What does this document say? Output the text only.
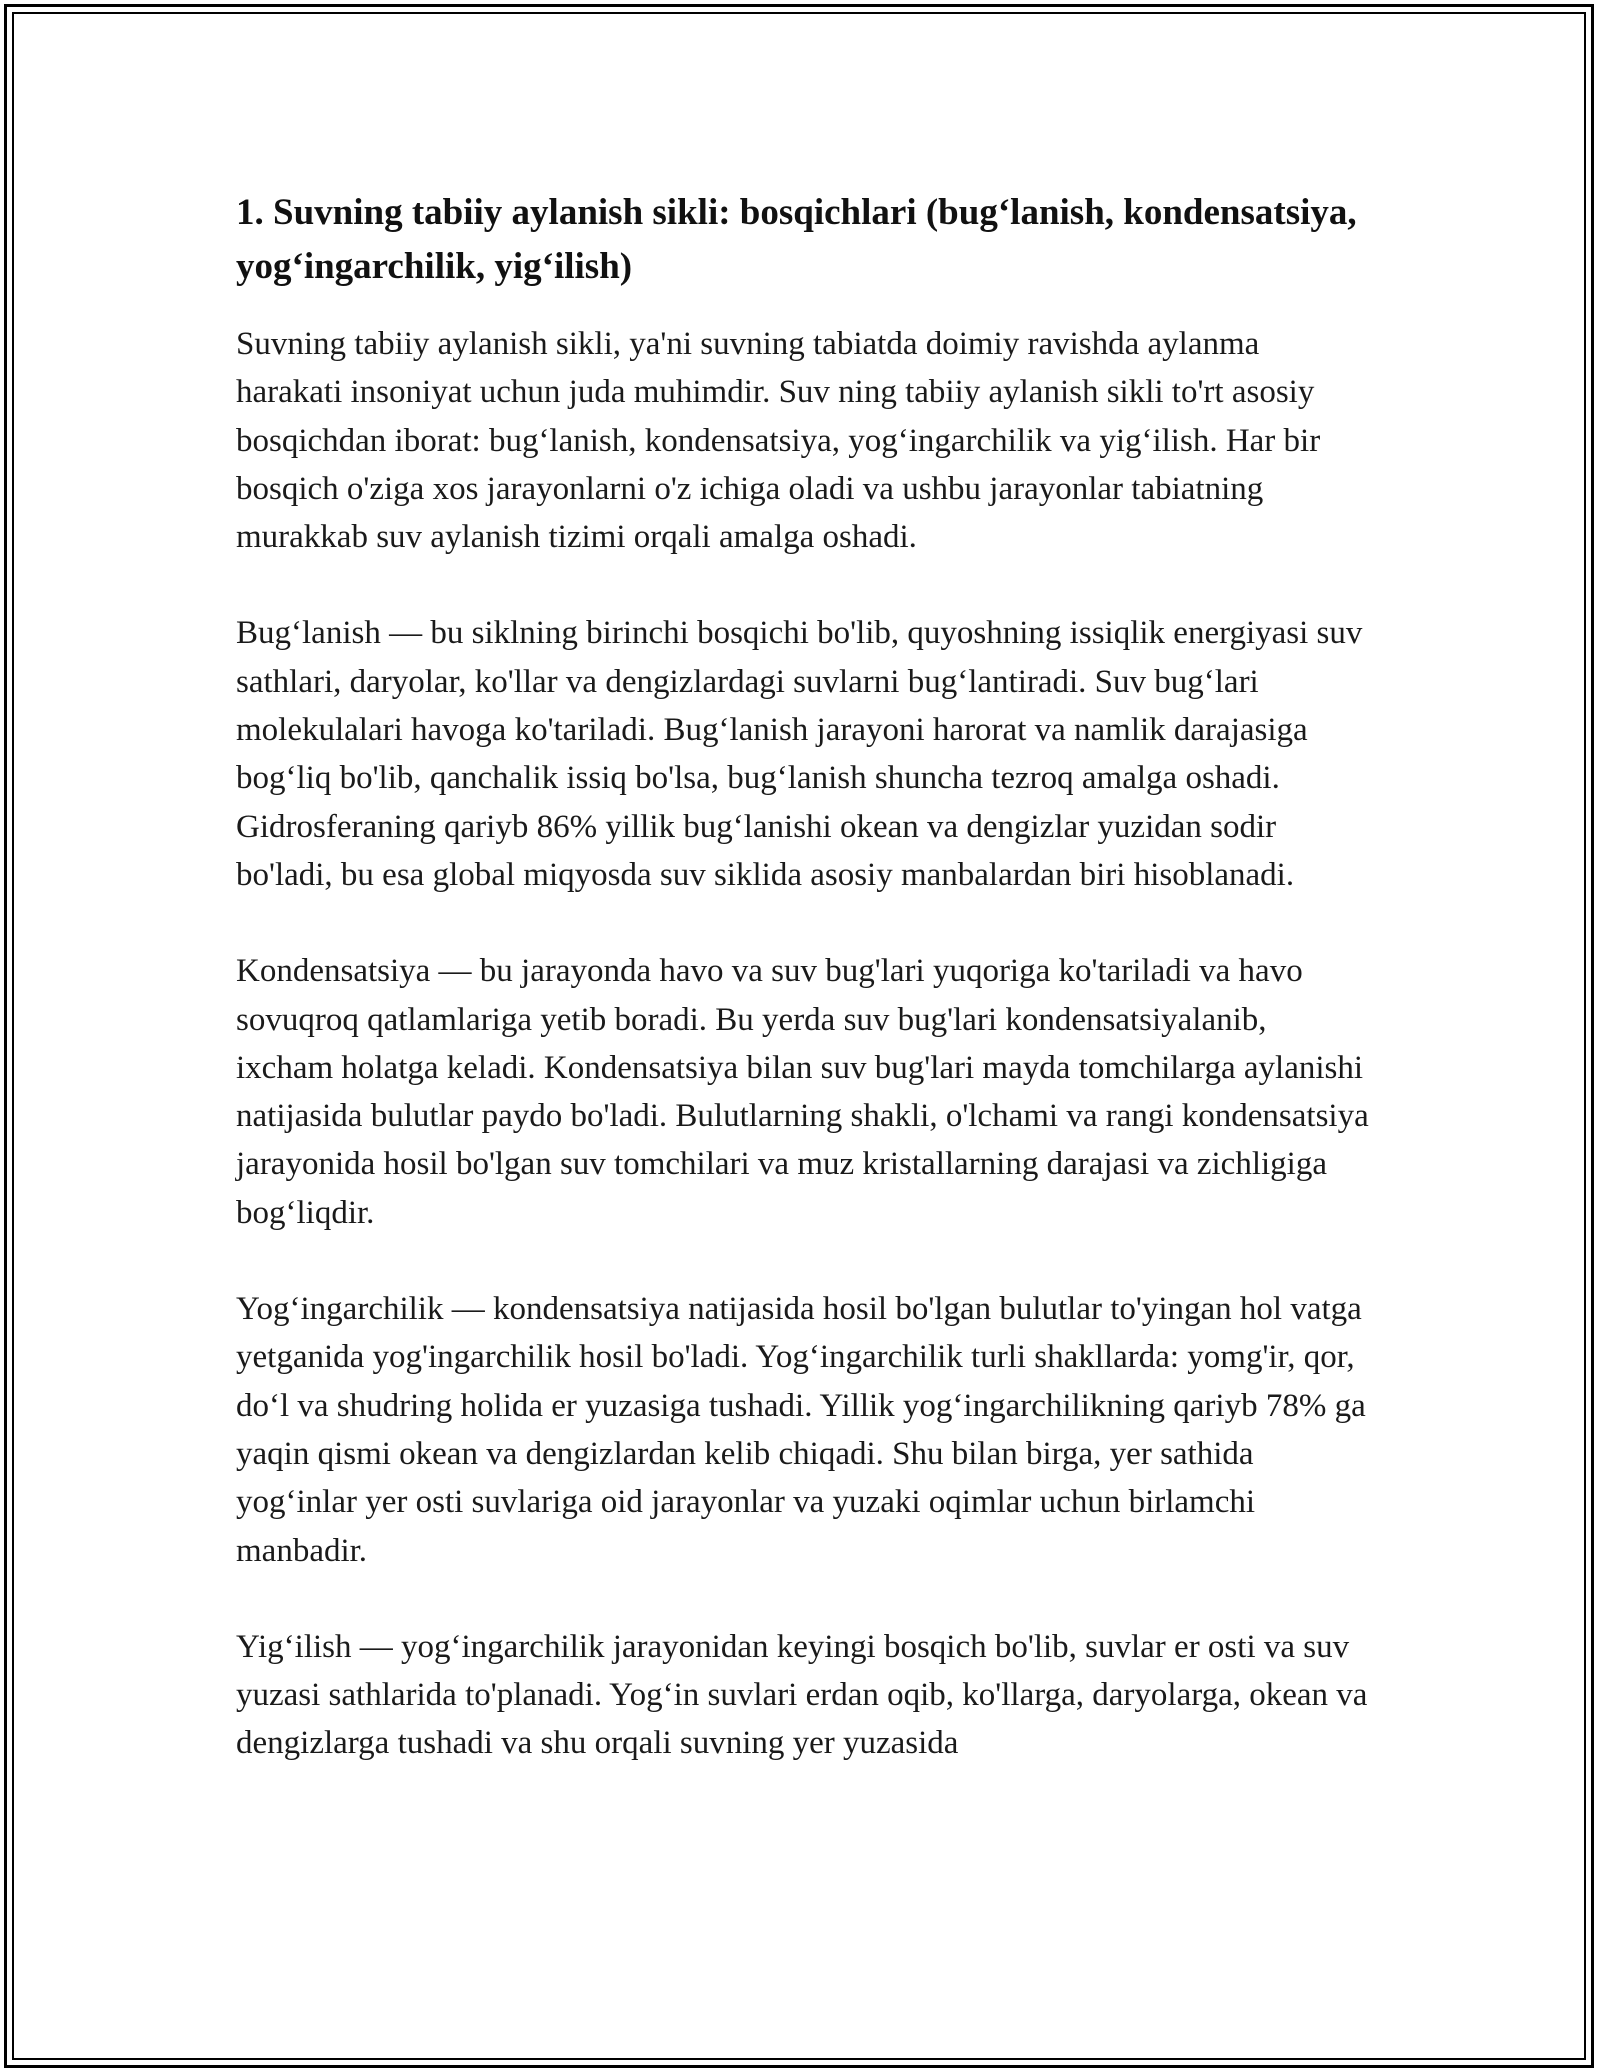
1. Suvning tabiiy aylanish sikli: bosqichlari (bug‘lanish, kondensatsiya, yog‘ingarchilik, yig‘ilish)

Suvning tabiiy aylanish sikli, ya'ni suvning tabiatda doimiy ravishda aylanma harakati insoniyat uchun juda muhimdir. Suv ning tabiiy aylanish sikli to'rt asosiy bosqichdan iborat: bug‘lanish, kondensatsiya, yog‘ingarchilik va yig‘ilish. Har bir bosqich o'ziga xos jarayonlarni o'z ichiga oladi va ushbu jarayonlar tabiatning murakkab suv aylanish tizimi orqali amalga oshadi.

Bug‘lanish — bu siklning birinchi bosqichi bo'lib, quyoshning issiqlik energiyasi suv sathlari, daryolar, ko'llar va dengizlardagi suvlarni bug‘lantiradi. Suv bug‘lari molekulalari havoga ko'tariladi. Bug‘lanish jarayoni harorat va namlik darajasiga bog‘liq bo'lib, qanchalik issiq bo'lsa, bug‘lanish shuncha tezroq amalga oshadi. Gidrosferaning qariyb 86% yillik bug‘lanishi okean va dengizlar yuzidan sodir bo'ladi, bu esa global miqyosda suv siklida asosiy manbalardan biri hisoblanadi.

Kondensatsiya — bu jarayonda havo va suv bug'lari yuqoriga ko'tariladi va havo sovuqroq qatlamlariga yetib boradi. Bu yerda suv bug'lari kondensatsiyalanib, ixcham holatga keladi. Kondensatsiya bilan suv bug'lari mayda tomchilarga aylanishi natijasida bulutlar paydo bo'ladi. Bulutlarning shakli, o'lchami va rangi kondensatsiya jarayonida hosil bo'lgan suv tomchilari va muz kristallarning darajasi va zichligiga bog‘liqdir.

Yog‘ingarchilik — kondensatsiya natijasida hosil bo'lgan bulutlar to'yingan hol vatga yetganida yog'ingarchilik hosil bo'ladi. Yog‘ingarchilik turli shakllarda: yomg'ir, qor, do‘l va shudring holida er yuzasiga tushadi. Yillik yog‘ingarchilikning qariyb 78% ga yaqin qismi okean va dengizlardan kelib chiqadi. Shu bilan birga, yer sathida yog‘inlar yer osti suvlariga oid jarayonlar va yuzaki oqimlar uchun birlamchi manbadir.

Yig‘ilish — yog‘ingarchilik jarayonidan keyingi bosqich bo'lib, suvlar er osti va suv yuzasi sathlarida to'planadi. Yog‘in suvlari erdan oqib, ko'llarga, daryolarga, okean va dengizlarga tushadi va shu orqali suvning yer yuzasida
